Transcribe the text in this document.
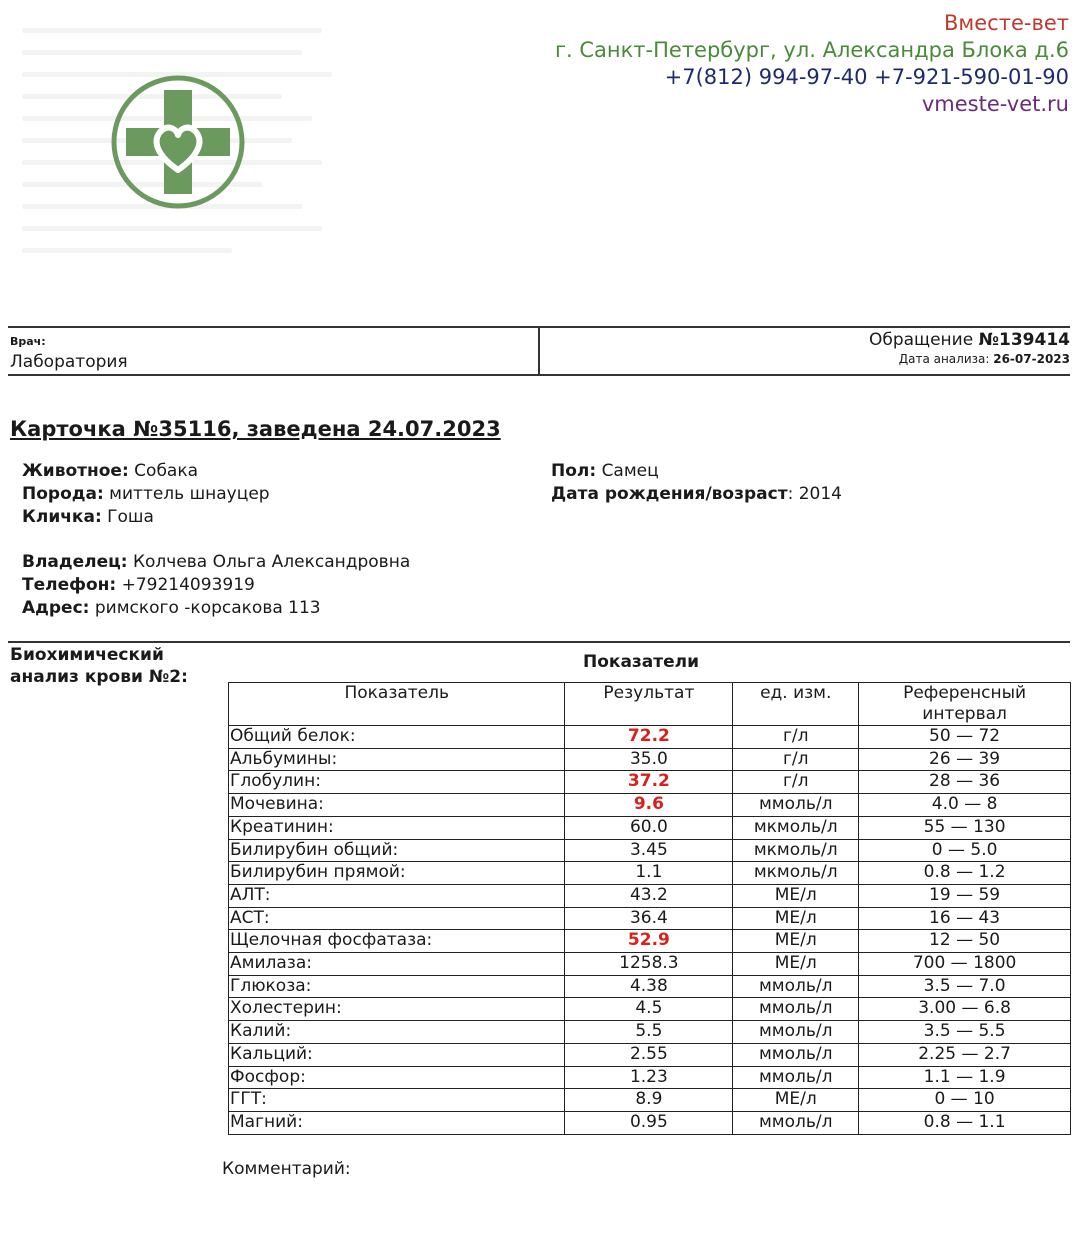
Вместе-вет
г. Санкт-Петербург, ул. Александра Блока д.6
+7(812) 994-97-40 +7-921-590-01-90
vmeste-vet.ru
Врач:
Лаборатория
Обращение №139414
Дата анализа: 26-07-2023
Карточка №35116, заведена 24.07.2023
Животное: Собака
Порода: миттель шнауцер
Кличка: Гоша
Пол: Самец
Дата рождения/возраст: 2014
Владелец: Колчева Ольга Александровна
Телефон: +79214093919
Адрес: римского -корсакова 113
Биохимический
анализ крови №2:
Показатели
Показатель	Результат	ед. изм.	Референсный интервал
Общий белок:	72.2	г/л	50 — 72
Альбумины:	35.0	г/л	26 — 39
Глобулин:	37.2	г/л	28 — 36
Мочевина:	9.6	ммоль/л	4.0 — 8
Креатинин:	60.0	мкмоль/л	55 — 130
Билирубин общий:	3.45	мкмоль/л	0 — 5.0
Билирубин прямой:	1.1	мкмоль/л	0.8 — 1.2
АЛТ:	43.2	МЕ/л	19 — 59
АСТ:	36.4	МЕ/л	16 — 43
Щелочная фосфатаза:	52.9	МЕ/л	12 — 50
Амилаза:	1258.3	МЕ/л	700 — 1800
Глюкоза:	4.38	ммоль/л	3.5 — 7.0
Холестерин:	4.5	ммоль/л	3.00 — 6.8
Калий:	5.5	ммоль/л	3.5 — 5.5
Кальций:	2.55	ммоль/л	2.25 — 2.7
Фосфор:	1.23	ммоль/л	1.1 — 1.9
ГГТ:	8.9	МЕ/л	0 — 10
Магний:	0.95	ммоль/л	0.8 — 1.1
Комментарий:
